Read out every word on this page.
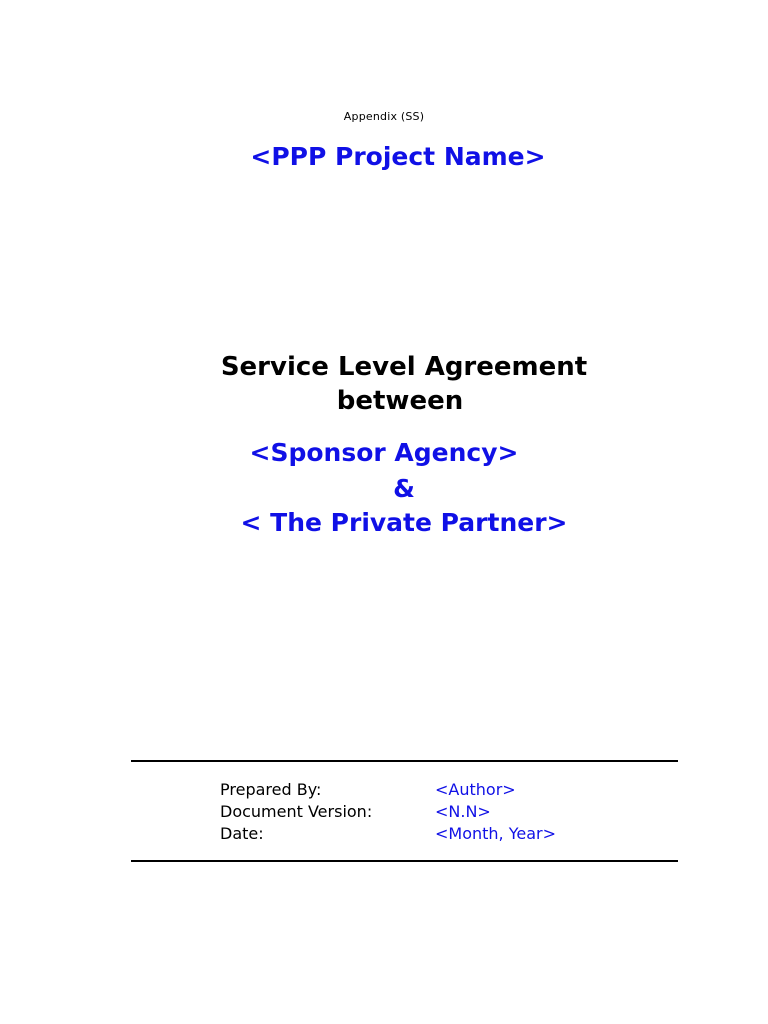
Appendix (SS)
<PPP Project Name>
Service Level Agreement
between
<Sponsor Agency>
&
< The Private Partner>
Prepared By:	<Author>
Document Version:	<N.N>
Date:	<Month, Year>
